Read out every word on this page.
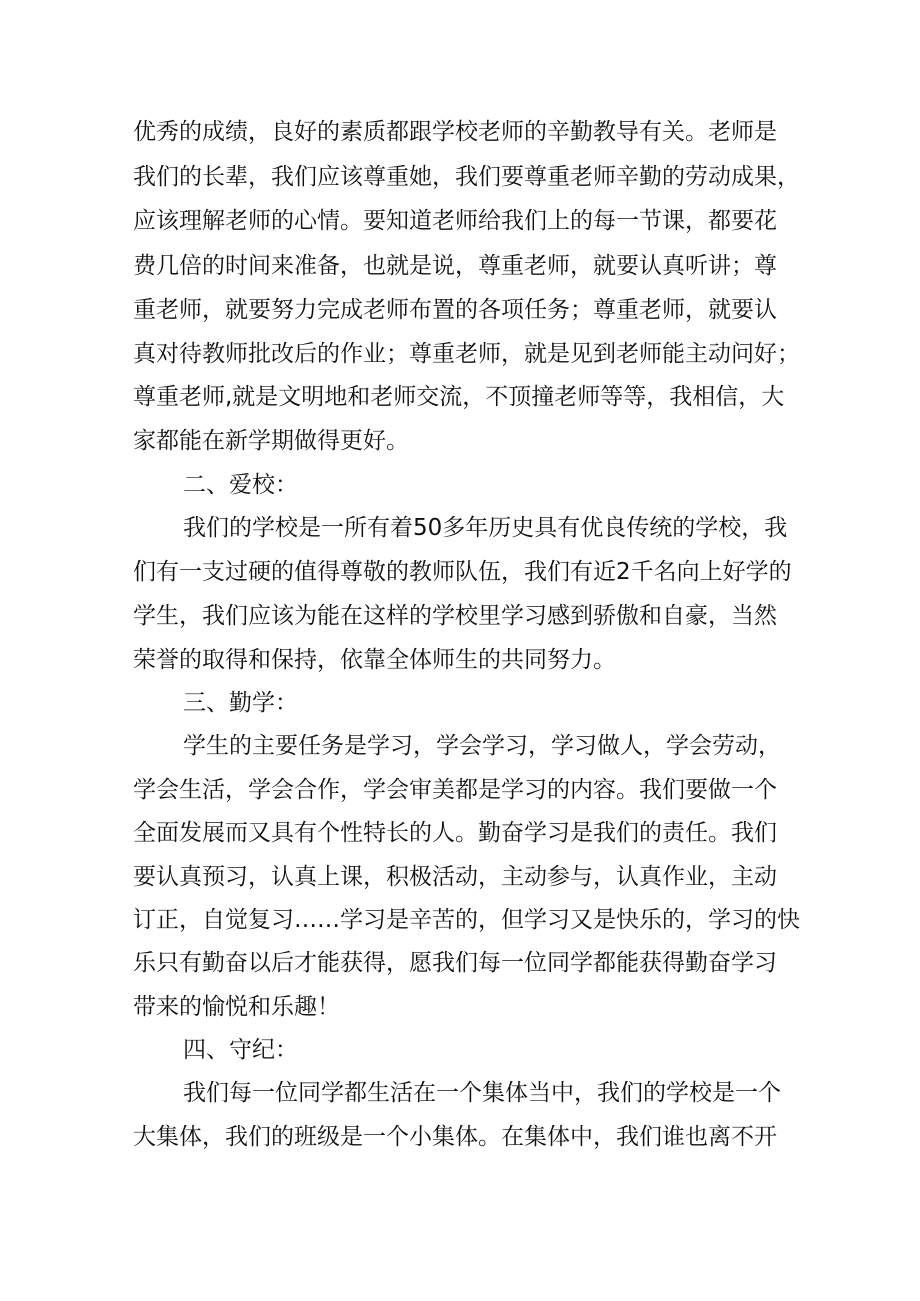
优秀的成绩，良好的素质都跟学校老师的辛勤教导有关。老师是
我们的长辈，我们应该尊重她，我们要尊重老师辛勤的劳动成果，
应该理解老师的心情。要知道老师给我们上的每一节课，都要花
费几倍的时间来准备，也就是说，尊重老师，就要认真听讲；尊
重老师，就要努力完成老师布置的各项任务；尊重老师，就要认
真对待教师批改后的作业；尊重老师，就是见到老师能主动问好；
尊重老师,就是文明地和老师交流，不顶撞老师等等，我相信，大
家都能在新学期做得更好。
二、爱校：
我们的学校是一所有着50多年历史具有优良传统的学校，我
们有一支过硬的值得尊敬的教师队伍，我们有近2千名向上好学的
学生，我们应该为能在这样的学校里学习感到骄傲和自豪，当然
荣誉的取得和保持，依靠全体师生的共同努力。
三、勤学：
学生的主要任务是学习，学会学习，学习做人，学会劳动，
学会生活，学会合作，学会审美都是学习的内容。我们要做一个
全面发展而又具有个性特长的人。勤奋学习是我们的责任。我们
要认真预习，认真上课，积极活动，主动参与，认真作业，主动
订正，自觉复习……学习是辛苦的，但学习又是快乐的，学习的快
乐只有勤奋以后才能获得，愿我们每一位同学都能获得勤奋学习
带来的愉悦和乐趣！
四、守纪：
我们每一位同学都生活在一个集体当中，我们的学校是一个
大集体，我们的班级是一个小集体。在集体中，我们谁也离不开
